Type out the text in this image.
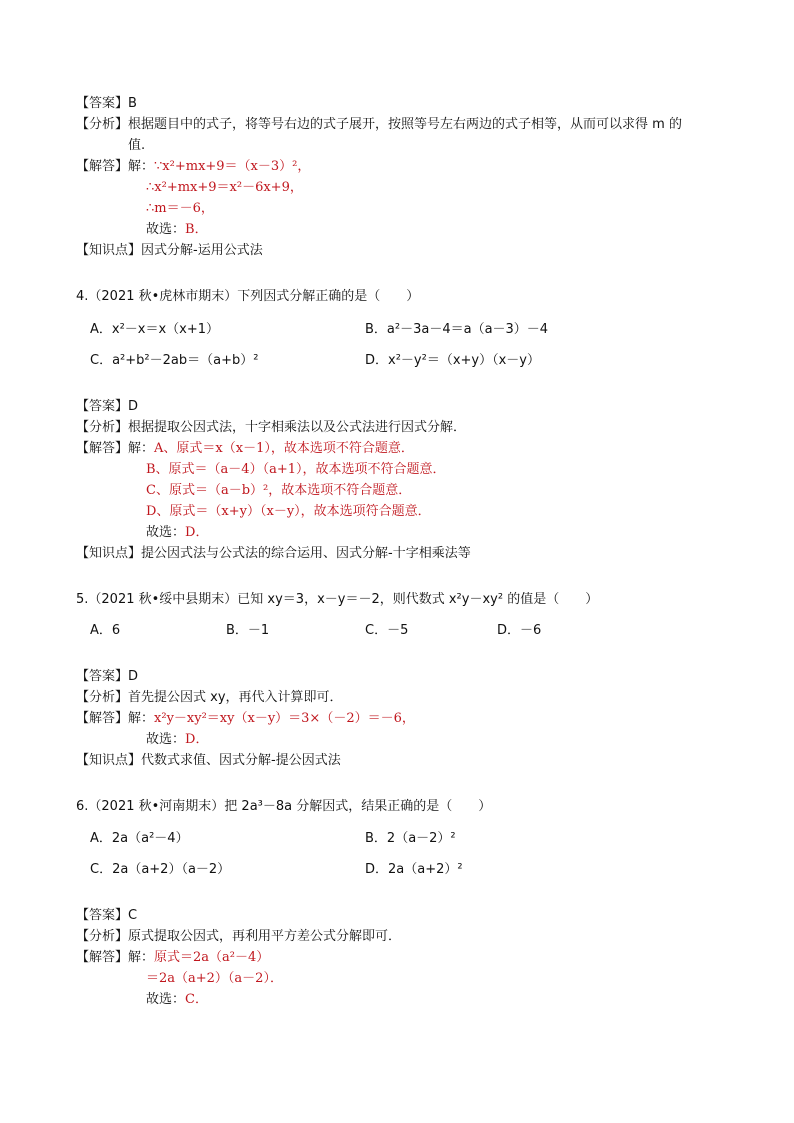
【答案】B
【分析】根据题目中的式子，将等号右边的式子展开，按照等号左右两边的式子相等，从而可以求得 m 的
值.
【解答】解：∵x²+mx+9＝（x－3）²，
∴x²+mx+9＝x²－6x+9，
∴m＝－6，
故选：B．
【知识点】因式分解-运用公式法
4.（2021 秋•虎林市期末）下列因式分解正确的是（　　）
A．x²－x＝x（x+1）	B．a²－3a－4＝a（a－3）－4
C．a²+b²－2ab＝（a+b）²	D．x²－y²＝（x+y）（x－y）
【答案】D
【分析】根据提取公因式法，十字相乘法以及公式法进行因式分解．
【解答】解：A、原式＝x（x－1），故本选项不符合题意．
B、原式＝（a－4）（a+1），故本选项不符合题意．
C、原式＝（a－b）²，故本选项不符合题意．
D、原式＝（x+y）（x－y），故本选项符合题意．
故选：D．
【知识点】提公因式法与公式法的综合运用、因式分解-十字相乘法等
5.（2021 秋•绥中县期末）已知 xy＝3，x－y＝－2，则代数式 x²y－xy² 的值是（　　）
A．6	B．－1	C．－5	D．－6
【答案】D
【分析】首先提公因式 xy，再代入计算即可．
【解答】解：x²y－xy²＝xy（x－y）＝3×（－2）＝－6，
故选：D．
【知识点】代数式求值、因式分解-提公因式法
6.（2021 秋•河南期末）把 2a³－8a 分解因式，结果正确的是（　　）
A．2a（a²－4）	B．2（a－2）²
C．2a（a+2）（a－2）	D．2a（a+2）²
【答案】C
【分析】原式提取公因式，再利用平方差公式分解即可．
【解答】解：原式＝2a（a²－4）
＝2a（a+2）（a－2）．
故选：C．
